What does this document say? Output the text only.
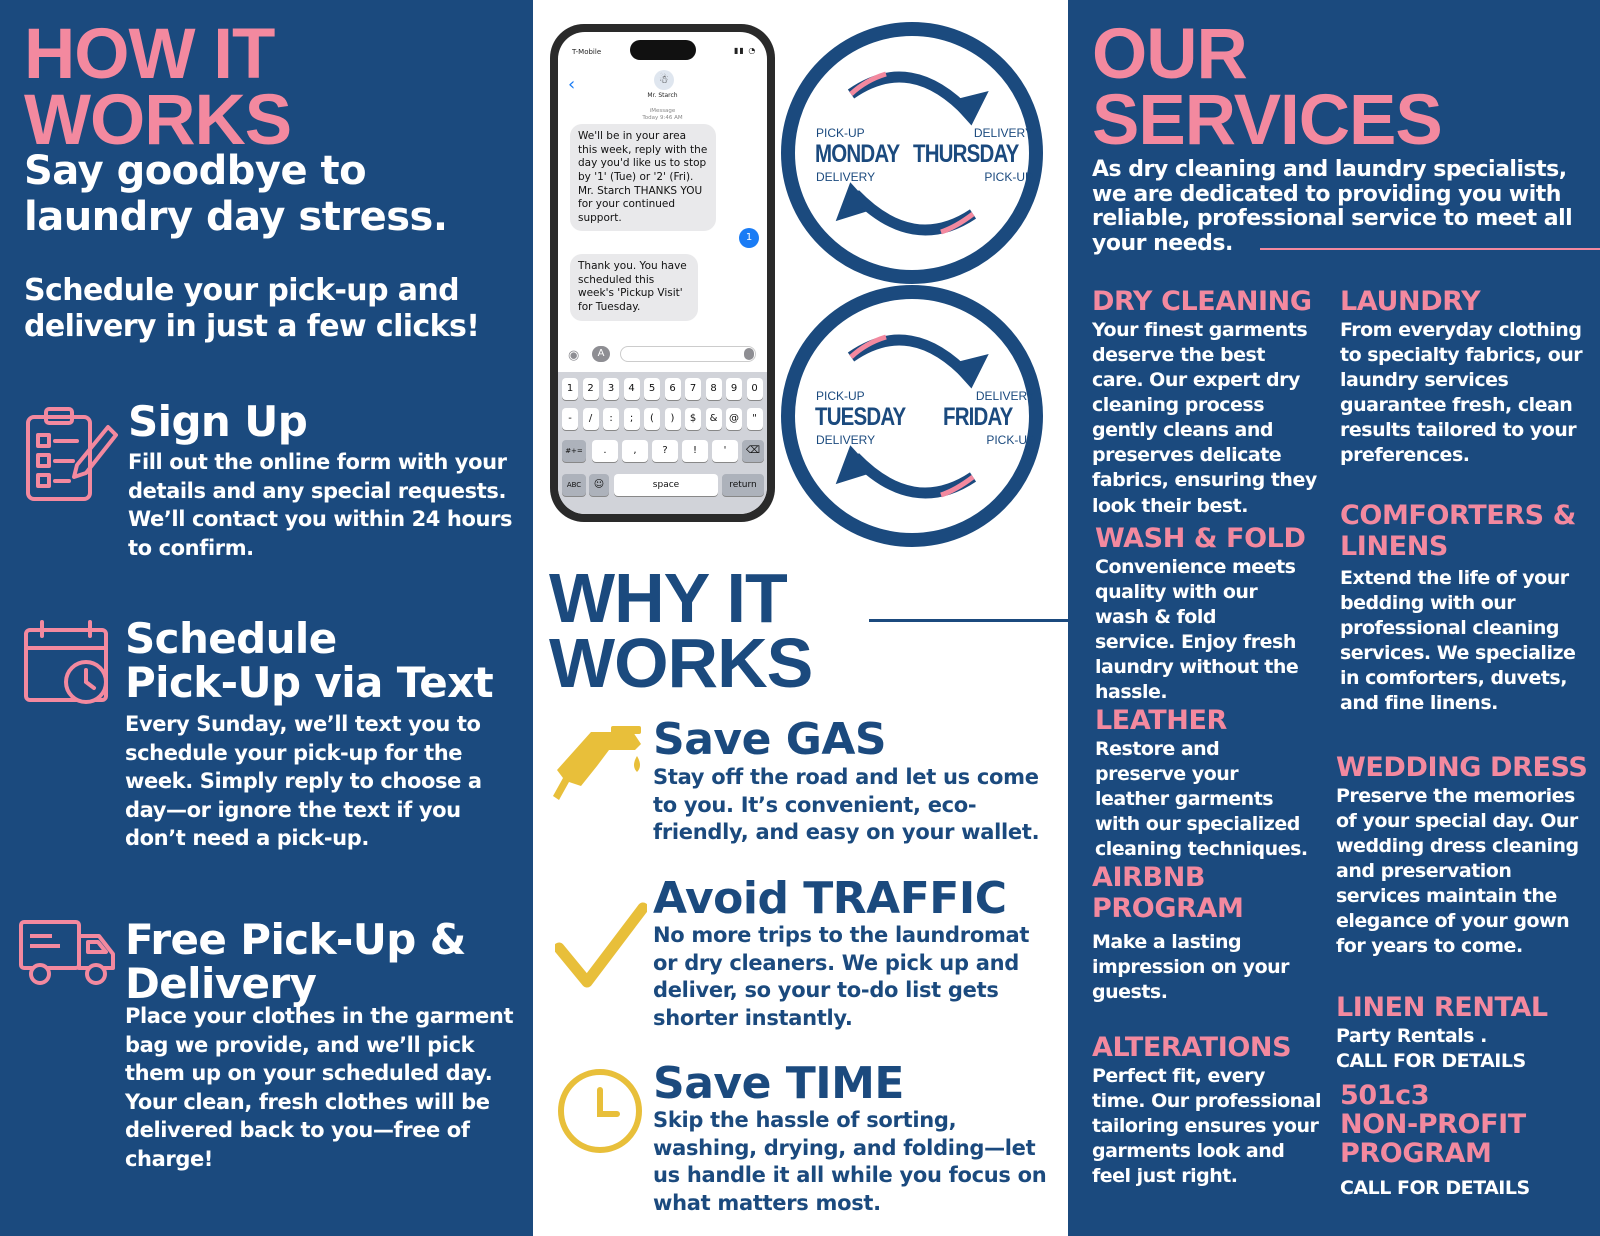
HOW IT
WORKS
Say goodbye to
laundry day stress.
Schedule your pick-up and
delivery in just a few clicks!
Sign Up
Fill out the online form with your details and any special requests. We’ll contact you within 24 hours to confirm.
Schedule
Pick-Up via Text
Every Sunday, we’ll text you to schedule your pick-up for the week. Simply reply to choose a day—or ignore the text if you don’t need a pick-up.
Free Pick-Up &
Delivery
Place your clothes in the garment bag we provide, and we’ll pick them up on your scheduled day. Your clean, fresh clothes will be delivered back to you—free of charge!
T-Mobile	▮▮ ◔
‹	☃
Mr. Starch
iMessage
Today 9:46 AM
We'll be in your area this week, reply with the day you'd like us to stop by '1' (Tue) or '2' (Fri). Mr. Starch THANKS YOU for your continued support.
1
Thank you. You have scheduled this week's 'Pickup Visit' for Tuesday.
◉	A
1	2	3	4	5	6	7	8	9	0
-	/	:	;	(	)	$	&	@	"
.	,	?	!	'
#+=	⌫
ABC	☺	space	return
PICK-UP
MONDAY
DELIVERY
DELIVERY
THURSDAY
PICK-UP
PICK-UP
TUESDAY
DELIVERY
DELIVERY
FRIDAY
PICK-UP
WHY IT
WORKS
Save GAS
Stay off the road and let us come to you. It’s convenient, eco-friendly, and easy on your wallet.
Avoid TRAFFIC
No more trips to the laundromat or dry cleaners. We pick up and deliver, so your to-do list gets shorter instantly.
Save TIME
Skip the hassle of sorting, washing, drying, and folding—let us handle it all while you focus on what matters most.
OUR
SERVICES
As dry cleaning and laundry specialists, we are dedicated to providing you with reliable, professional service to meet all your needs.
DRY CLEANING
Your finest garments deserve the best care. Our expert dry cleaning process gently cleans and preserves delicate fabrics, ensuring they look their best.
WASH & FOLD
Convenience meets quality with our wash & fold service. Enjoy fresh laundry without the hassle.
LEATHER
Restore and preserve your leather garments with our specialized cleaning techniques.
AIRBNB
PROGRAM
Make a lasting impression on your guests.
ALTERATIONS
Perfect fit, every time. Our professional tailoring ensures your garments look and feel just right.
LAUNDRY
From everyday clothing to specialty fabrics, our laundry services guarantee fresh, clean results tailored to your preferences.
COMFORTERS &
LINENS
Extend the life of your bedding with our professional cleaning services. We specialize in comforters, duvets, and fine linens.
WEDDING DRESS
Preserve the memories of your special day. Our wedding dress cleaning and preservation services maintain the elegance of your gown for years to come.
LINEN RENTAL
Party Rentals .
CALL FOR DETAILS
501c3
NON-PROFIT
PROGRAM
CALL FOR DETAILS
